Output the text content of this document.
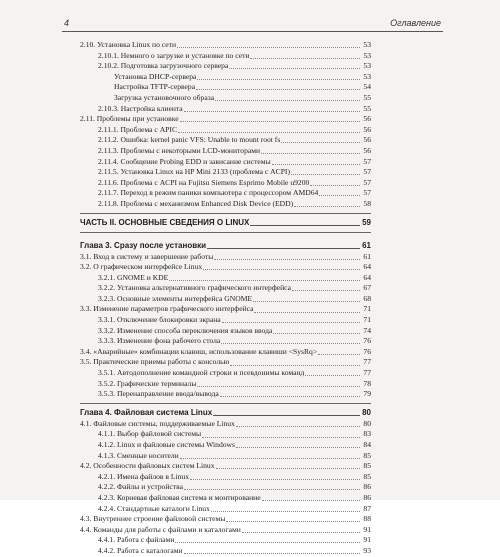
4	Оглавление
2.10. Установка Linux по сети	53
2.10.1. Немного о загрузке и установке по сети	53
2.10.2. Подготовка загрузочного сервера	53
Установка DHCP-сервера	53
Настройка TFTP-сервера	54
Загрузка установочного образа	55
2.10.3. Настройка клиента	55
2.11. Проблемы при установке	56
2.11.1. Проблема с APIC	56
2.11.2. Ошибка: kernel panic VFS: Unable to mount root fs	56
2.11.3. Проблемы с некоторыми LCD-мониторами	56
2.11.4. Сообщение Probing EDD и зависание системы	57
2.11.5. Установка Linux на HP Mini 2133 (проблема с ACPI)	57
2.11.6. Проблема с ACPI на Fujitsu Siemens Esprimo Mobile u9200	57
2.11.7. Переход в режим паники компьютера с процессором AMD64	57
2.11.8. Проблема с механизмом Enhanced Disk Device (EDD)	58
ЧАСТЬ II. ОСНОВНЫЕ СВЕДЕНИЯ О LINUX	59
Глава 3. Сразу после установки	61
3.1. Вход в систему и завершение работы	61
3.2. О графическом интерфейсе Linux	64
3.2.1. GNOME и KDE	64
3.2.2. Установка альтернативного графического интерфейса	67
3.2.3. Основные элементы интерфейса GNOME	68
3.3. Изменение параметров графического интерфейса	71
3.3.1. Отключение блокировки экрана	71
3.3.2. Изменение способа переключения языков ввода	74
3.3.3. Изменение фона рабочего стола	76
3.4. «Аварийные» комбинации клавиш, использование клавиши <SysRq>	76
3.5. Практические приемы работы с консолью	77
3.5.1. Автодополнение командной строки и псевдонимы команд	77
3.5.2. Графические терминалы	78
3.5.3. Перенаправление ввода/вывода	79
Глава 4. Файловая система Linux	80
4.1. Файловые системы, поддерживаемые Linux	80
4.1.1. Выбор файловой системы	83
4.1.2. Linux и файловые системы Windows	84
4.1.3. Сменные носители	85
4.2. Особенности файловых систем Linux	85
4.2.1. Имена файлов в Linux	85
4.2.2. Файлы и устройства	86
4.2.3. Корневая файловая система и монтирование	86
4.2.4. Стандартные каталоги Linux	87
4.3. Внутреннее строение файловой системы	88
4.4. Команды для работы с файлами и каталогами	91
4.4.1. Работа с файлами	91
4.4.2. Работа с каталогами	93
